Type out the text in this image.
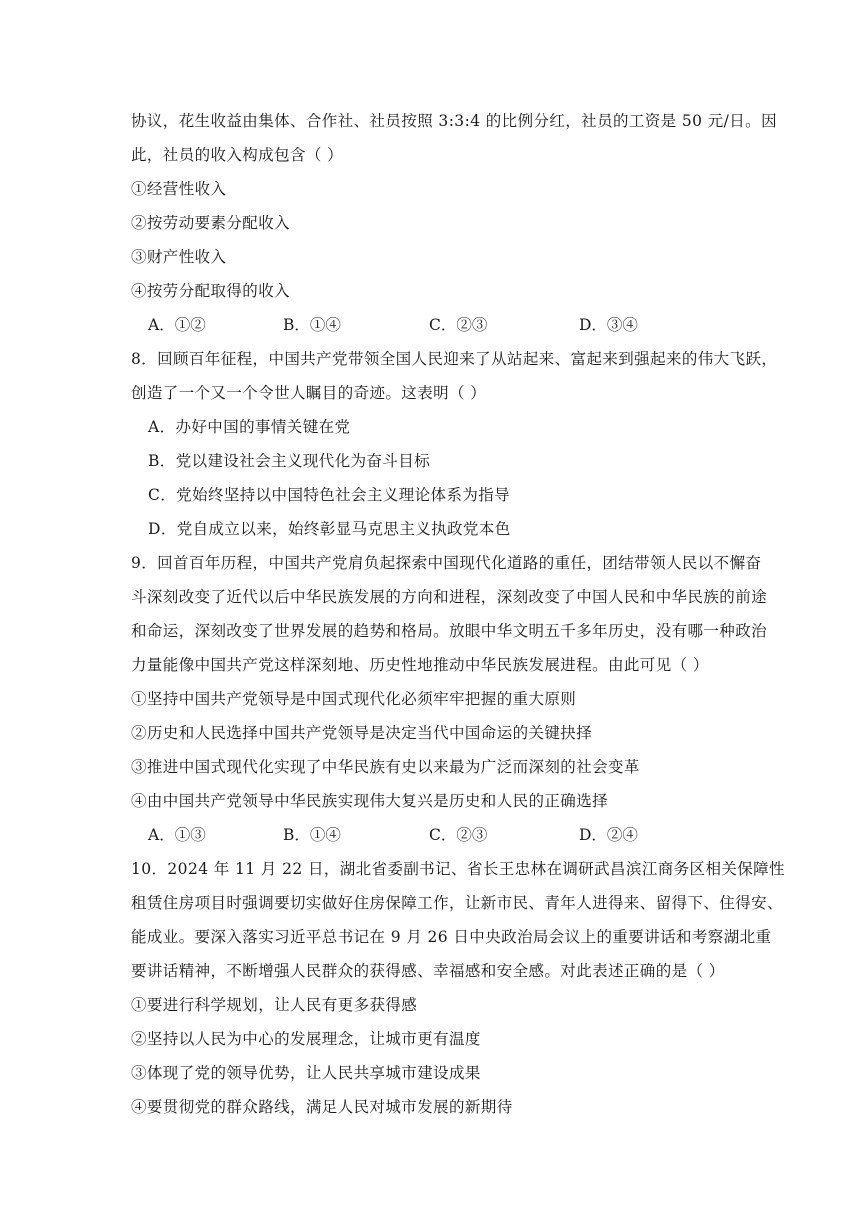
协议，花生收益由集体、合作社、社员按照 3:3:4 的比例分红，社员的工资是 50 元/日。因
此，社员的收入构成包含（ ）
①经营性收入
②按劳动要素分配收入
③财产性收入
④按劳分配取得的收入
A．①②	B．①④	C．②③	D．③④
8．回顾百年征程，中国共产党带领全国人民迎来了从站起来、富起来到强起来的伟大飞跃，
创造了一个又一个令世人瞩目的奇迹。这表明（ ）
A．办好中国的事情关键在党
B．党以建设社会主义现代化为奋斗目标
C．党始终坚持以中国特色社会主义理论体系为指导
D．党自成立以来，始终彰显马克思主义执政党本色
9．回首百年历程，中国共产党肩负起探索中国现代化道路的重任，团结带领人民以不懈奋
斗深刻改变了近代以后中华民族发展的方向和进程，深刻改变了中国人民和中华民族的前途
和命运，深刻改变了世界发展的趋势和格局。放眼中华文明五千多年历史，没有哪一种政治
力量能像中国共产党这样深刻地、历史性地推动中华民族发展进程。由此可见（ ）
①坚持中国共产党领导是中国式现代化必须牢牢把握的重大原则
②历史和人民选择中国共产党领导是决定当代中国命运的关键抉择
③推进中国式现代化实现了中华民族有史以来最为广泛而深刻的社会变革
④由中国共产党领导中华民族实现伟大复兴是历史和人民的正确选择
A．①③	B．①④	C．②③	D．②④
10．2024 年 11 月 22 日，湖北省委副书记、省长王忠林在调研武昌滨江商务区相关保障性
租赁住房项目时强调要切实做好住房保障工作，让新市民、青年人进得来、留得下、住得安、
能成业。要深入落实习近平总书记在 9 月 26 日中央政治局会议上的重要讲话和考察湖北重
要讲话精神，不断增强人民群众的获得感、幸福感和安全感。对此表述正确的是（ ）
①要进行科学规划，让人民有更多获得感
②坚持以人民为中心的发展理念，让城市更有温度
③体现了党的领导优势，让人民共享城市建设成果
④要贯彻党的群众路线，满足人民对城市发展的新期待
